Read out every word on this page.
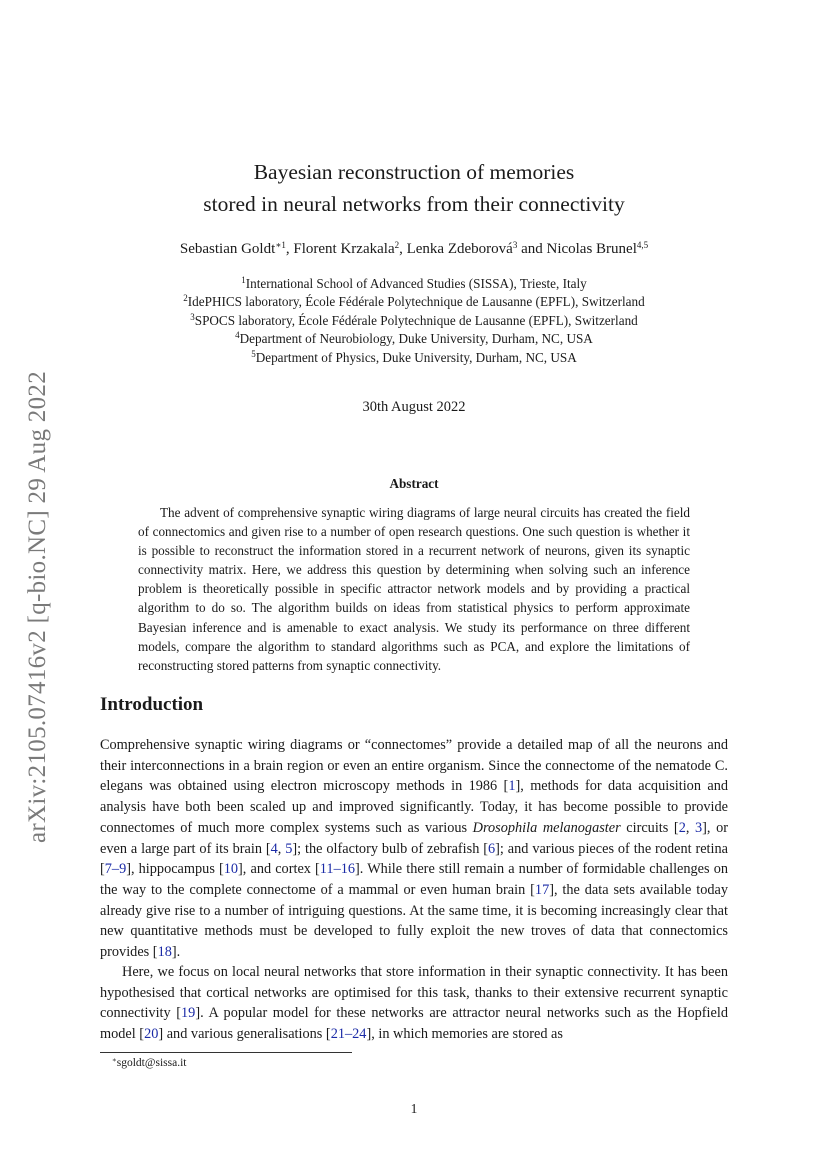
arXiv:2105.07416v2 [q-bio.NC] 29 Aug 2022
Bayesian reconstruction of memories
stored in neural networks from their connectivity
Sebastian Goldt$^{∗1}$, Florent Krzakala$^2$, Lenka Zdeborová$^3$ and Nicolas Brunel$^{4,5}$
$^1$International School of Advanced Studies (SISSA), Trieste, Italy
$^2$IdePHICS laboratory, École Fédérale Polytechnique de Lausanne (EPFL), Switzerland
$^3$SPOCS laboratory, École Fédérale Polytechnique de Lausanne (EPFL), Switzerland
$^4$Department of Neurobiology, Duke University, Durham, NC, USA
$^5$Department of Physics, Duke University, Durham, NC, USA
30th August 2022
Abstract

The advent of comprehensive synaptic wiring diagrams of large neural circuits has created the field of connectomics and given rise to a number of open research questions. One such question is whether it is possible to reconstruct the information stored in a recurrent network of neurons, given its synaptic connectivity matrix. Here, we address this question by determining when solving such an inference problem is theoretically possible in specific attractor network models and by providing a practical algorithm to do so. The algorithm builds on ideas from statistical physics to perform approximate Bayesian inference and is amenable to exact analysis. We study its performance on three different models, compare the algorithm to standard algorithms such as PCA, and explore the limitations of reconstructing stored patterns from synaptic connectivity.

Introduction

Comprehensive synaptic wiring diagrams or “connectomes” provide a detailed map of all the neurons and their interconnections in a brain region or even an entire organism. Since the connectome of the nematode C. elegans was obtained using electron microscopy methods in 1986 [1], methods for data acquisition and analysis have both been scaled up and improved significantly. Today, it has become possible to provide connectomes of much more complex systems such as various Drosophila melanogaster circuits [2, 3], or even a large part of its brain [4, 5]; the olfactory bulb of zebrafish [6]; and various pieces of the rodent retina [7–9], hippocampus [10], and cortex [11–16]. While there still remain a number of formidable challenges on the way to the complete connectome of a mammal or even human brain [17], the data sets available today already give rise to a number of intriguing questions. At the same time, it is becoming increasingly clear that new quantitative methods must be developed to fully exploit the new troves of data that connectomics provides [18].

Here, we focus on local neural networks that store information in their synaptic connectivity. It has been hypothesised that cortical networks are optimised for this task, thanks to their extensive recurrent synaptic connectivity [19]. A popular model for these networks are attractor neural networks such as the Hopfield model [20] and various generalisations [21–24], in which memories are stored as

∗sgoldt@sissa.it
1
